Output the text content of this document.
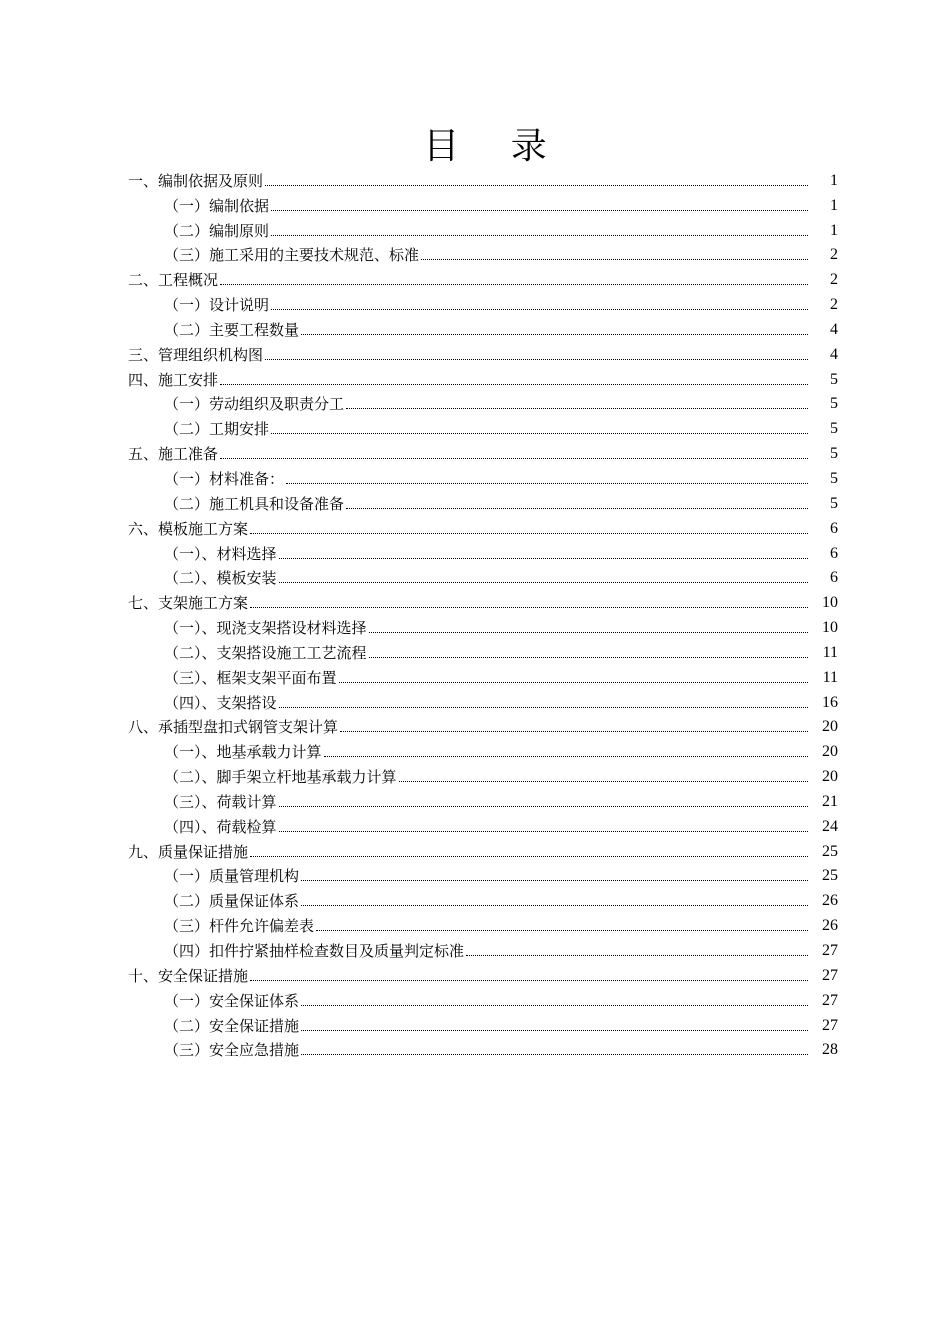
目 录
一、编制依据及原则	1
（一）编制依据	1
（二）编制原则	1
（三）施工采用的主要技术规范、标准	2
二、工程概况	2
（一）设计说明	2
（二）主要工程数量	4
三、管理组织机构图	4
四、施工安排	5
（一）劳动组织及职责分工	5
（二）工期安排	5
五、施工准备	5
（一）材料准备：	5
（二）施工机具和设备准备	5
六、模板施工方案	6
（一）、材料选择	6
（二）、模板安装	6
七、支架施工方案	10
（一）、现浇支架搭设材料选择	10
（二）、支架搭设施工工艺流程	11
（三）、框架支架平面布置	11
（四）、支架搭设	16
八、承插型盘扣式钢管支架计算	20
（一）、地基承载力计算	20
（二）、脚手架立杆地基承载力计算	20
（三）、荷载计算	21
（四）、荷载检算	24
九、质量保证措施	25
（一）质量管理机构	25
（二）质量保证体系	26
（三）杆件允许偏差表	26
（四）扣件拧紧抽样检查数目及质量判定标准	27
十、安全保证措施	27
（一）安全保证体系	27
（二）安全保证措施	27
（三）安全应急措施	28
